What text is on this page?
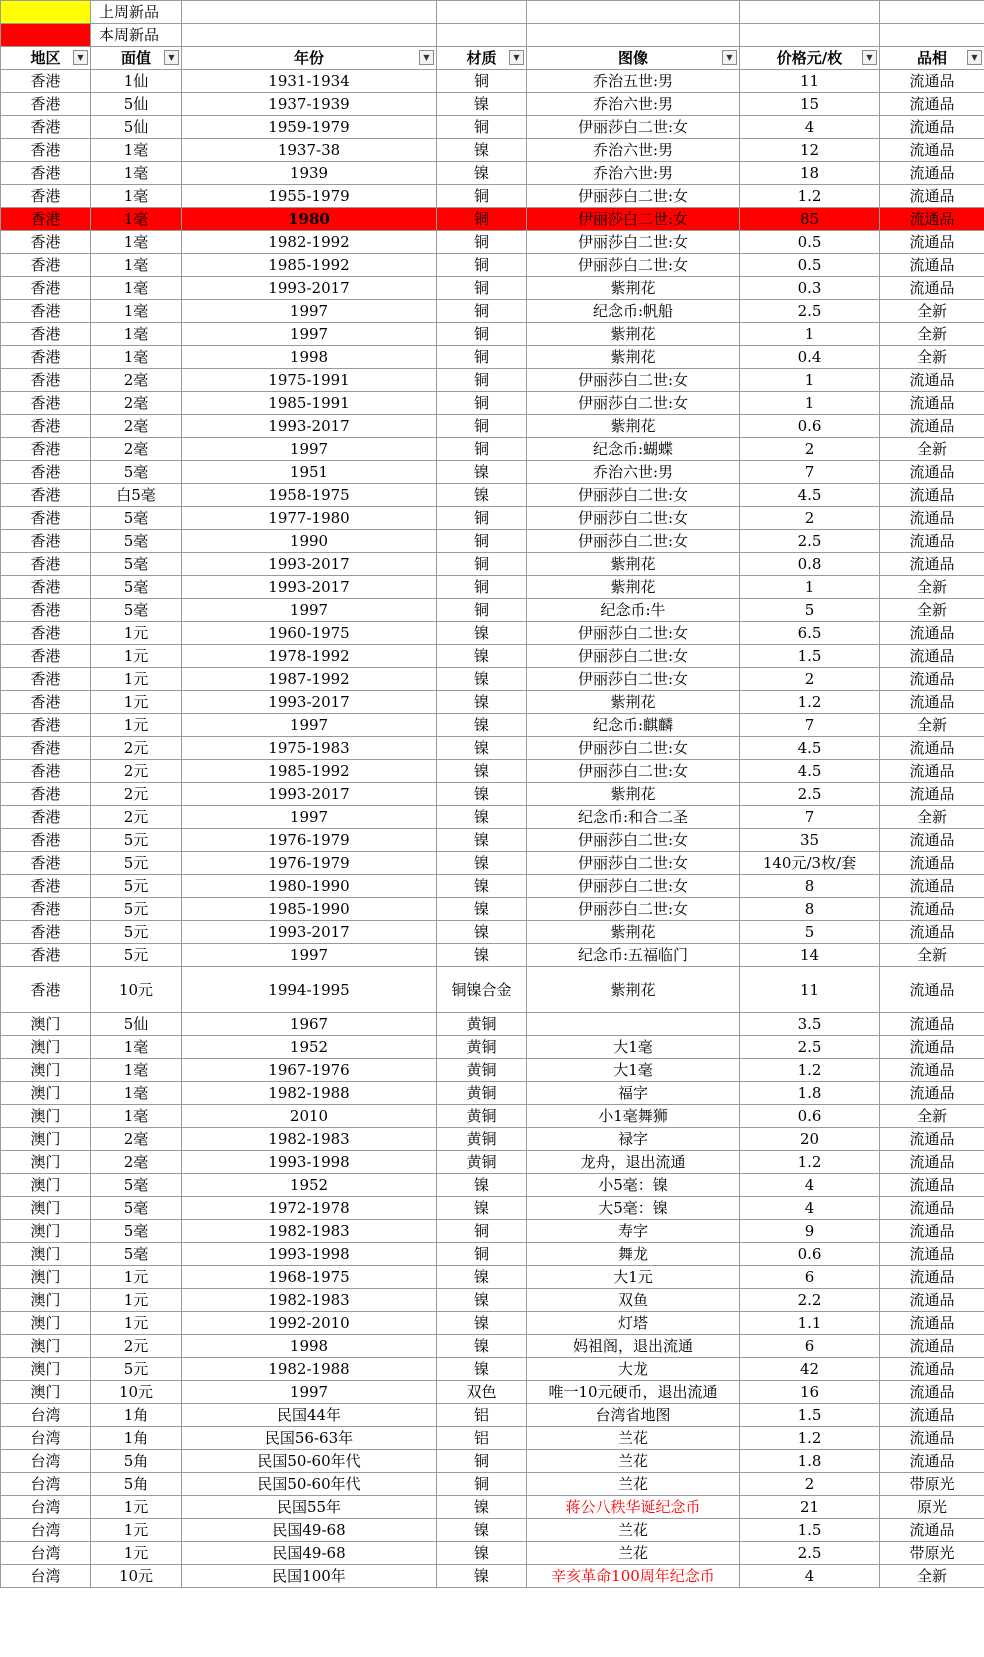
	上周新品					
	本周新品					
地区 ▼	面值 ▼	年份 ▼	材质 ▼	图像 ▼	价格元/枚 ▼	品相 ▼

香港	1仙	1931-1934	铜	乔治五世:男	11	流通品
香港	5仙	1937-1939	镍	乔治六世:男	15	流通品
香港	5仙	1959-1979	铜	伊丽莎白二世:女	4	流通品
香港	1毫	1937-38	镍	乔治六世:男	12	流通品
香港	1毫	1939	镍	乔治六世:男	18	流通品
香港	1毫	1955-1979	铜	伊丽莎白二世:女	1.2	流通品
香港	1毫	1980	铜	伊丽莎白二世:女	85	流通品
香港	1毫	1982-1992	铜	伊丽莎白二世:女	0.5	流通品
香港	1毫	1985-1992	铜	伊丽莎白二世:女	0.5	流通品
香港	1毫	1993-2017	铜	紫荆花	0.3	流通品
香港	1毫	1997	铜	纪念币:帆船	2.5	全新
香港	1毫	1997	铜	紫荆花	1	全新
香港	1毫	1998	铜	紫荆花	0.4	全新
香港	2毫	1975-1991	铜	伊丽莎白二世:女	1	流通品
香港	2毫	1985-1991	铜	伊丽莎白二世:女	1	流通品
香港	2毫	1993-2017	铜	紫荆花	0.6	流通品
香港	2毫	1997	铜	纪念币:蝴蝶	2	全新
香港	5毫	1951	镍	乔治六世:男	7	流通品
香港	白5毫	1958-1975	镍	伊丽莎白二世:女	4.5	流通品
香港	5毫	1977-1980	铜	伊丽莎白二世:女	2	流通品
香港	5毫	1990	铜	伊丽莎白二世:女	2.5	流通品
香港	5毫	1993-2017	铜	紫荆花	0.8	流通品
香港	5毫	1993-2017	铜	紫荆花	1	全新
香港	5毫	1997	铜	纪念币:牛	5	全新
香港	1元	1960-1975	镍	伊丽莎白二世:女	6.5	流通品
香港	1元	1978-1992	镍	伊丽莎白二世:女	1.5	流通品
香港	1元	1987-1992	镍	伊丽莎白二世:女	2	流通品
香港	1元	1993-2017	镍	紫荆花	1.2	流通品
香港	1元	1997	镍	纪念币:麒麟	7	全新
香港	2元	1975-1983	镍	伊丽莎白二世:女	4.5	流通品
香港	2元	1985-1992	镍	伊丽莎白二世:女	4.5	流通品
香港	2元	1993-2017	镍	紫荆花	2.5	流通品
香港	2元	1997	镍	纪念币:和合二圣	7	全新
香港	5元	1976-1979	镍	伊丽莎白二世:女	35	流通品
香港	5元	1976-1979	镍	伊丽莎白二世:女	140元/3枚/套	流通品
香港	5元	1980-1990	镍	伊丽莎白二世:女	8	流通品
香港	5元	1985-1990	镍	伊丽莎白二世:女	8	流通品
香港	5元	1993-2017	镍	紫荆花	5	流通品
香港	5元	1997	镍	纪念币:五福临门	14	全新
香港	10元	1994-1995	铜镍合金	紫荆花	11	流通品
澳门	5仙	1967	黄铜		3.5	流通品
澳门	1毫	1952	黄铜	大1毫	2.5	流通品
澳门	1毫	1967-1976	黄铜	大1毫	1.2	流通品
澳门	1毫	1982-1988	黄铜	福字	1.8	流通品
澳门	1毫	2010	黄铜	小1毫舞狮	0.6	全新
澳门	2毫	1982-1983	黄铜	禄字	20	流通品
澳门	2毫	1993-1998	黄铜	龙舟，退出流通	1.2	流通品
澳门	5毫	1952	镍	小5毫：镍	4	流通品
澳门	5毫	1972-1978	镍	大5毫：镍	4	流通品
澳门	5毫	1982-1983	铜	寿字	9	流通品
澳门	5毫	1993-1998	铜	舞龙	0.6	流通品
澳门	1元	1968-1975	镍	大1元	6	流通品
澳门	1元	1982-1983	镍	双鱼	2.2	流通品
澳门	1元	1992-2010	镍	灯塔	1.1	流通品
澳门	2元	1998	镍	妈祖阁，退出流通	6	流通品
澳门	5元	1982-1988	镍	大龙	42	流通品
澳门	10元	1997	双色	唯一10元硬币，退出流通	16	流通品
台湾	1角	民国44年	铝	台湾省地图	1.5	流通品
台湾	1角	民国56-63年	铝	兰花	1.2	流通品
台湾	5角	民国50-60年代	铜	兰花	1.8	流通品
台湾	5角	民国50-60年代	铜	兰花	2	带原光
台湾	1元	民国55年	镍	蒋公八秩华诞纪念币	21	原光
台湾	1元	民国49-68	镍	兰花	1.5	流通品
台湾	1元	民国49-68	镍	兰花	2.5	带原光
台湾	10元	民国100年	镍	辛亥革命100周年纪念币	4	全新
